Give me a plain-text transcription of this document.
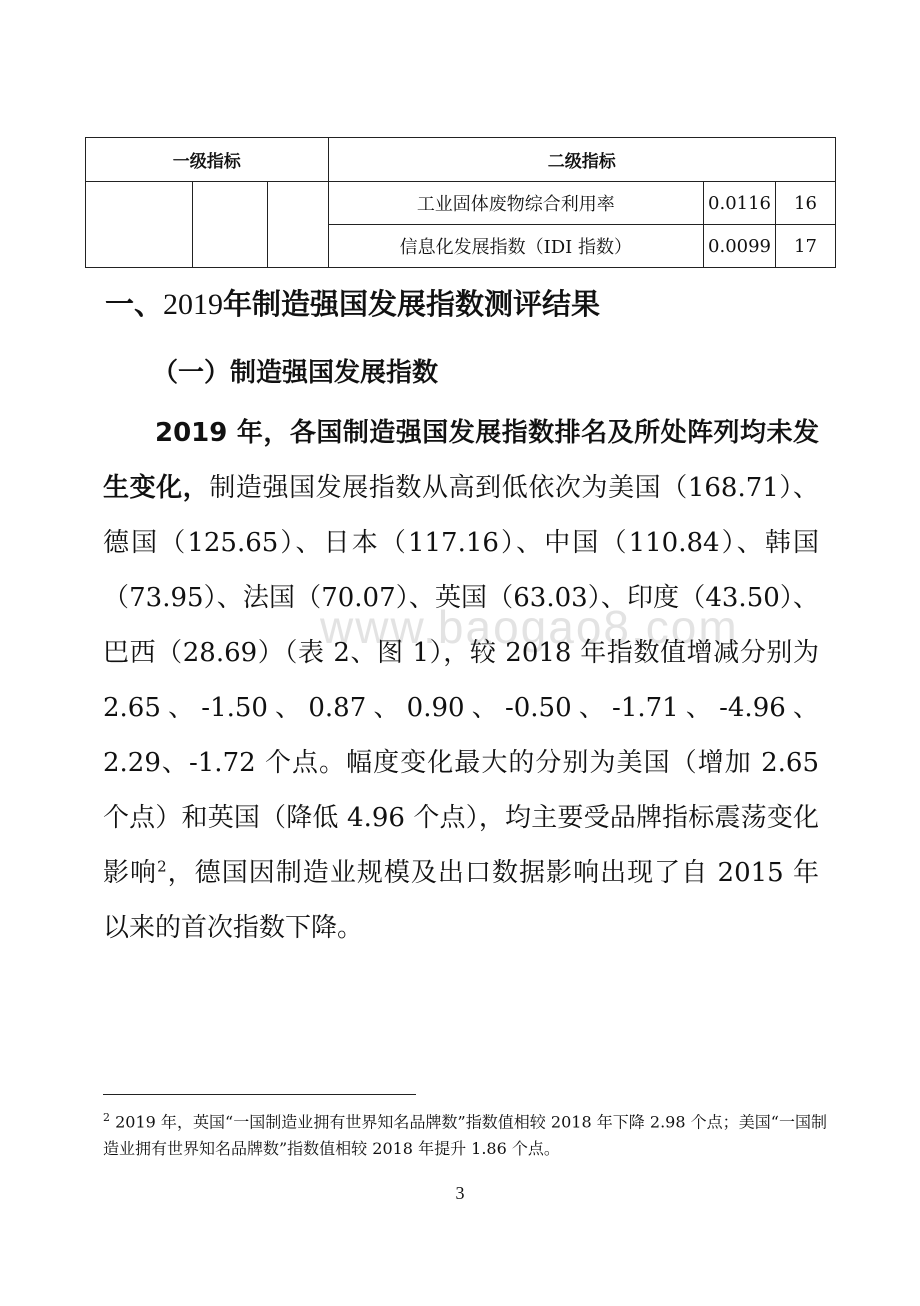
一级指标			二级指标		
			工业固体废物综合利用率	0.0116	16
			信息化发展指数（IDI 指数）	0.0099	17
一、2019年制造强国发展指数测评结果
（一）制造强国发展指数
www.baogao8.com
2019 年，各国制造强国发展指数排名及所处阵列均未发生变化，制造强国发展指数从高到低依次为美国（168.71）、德国（125.65）、日本（117.16）、中国（110.84）、韩国（73.95）、法国（70.07）、英国（63.03）、印度（43.50）、巴西（28.69）（表 2、图 1），较 2018 年指数值增减分别为 2.65、-1.50、0.87、0.90、-0.50、-1.71、-4.96、2.29、-1.72 个点。幅度变化最大的分别为美国（增加 2.65 个点）和英国（降低 4.96 个点），均主要受品牌指标震荡变化影响$^2$，德国因制造业规模及出口数据影响出现了自 2015 年以来的首次指数下降。
$^2$ 2019 年，英国“一国制造业拥有世界知名品牌数”指数值相较 2018 年下降 2.98 个点；美国“一国制造业拥有世界知名品牌数”指数值相较 2018 年提升 1.86 个点。
3
